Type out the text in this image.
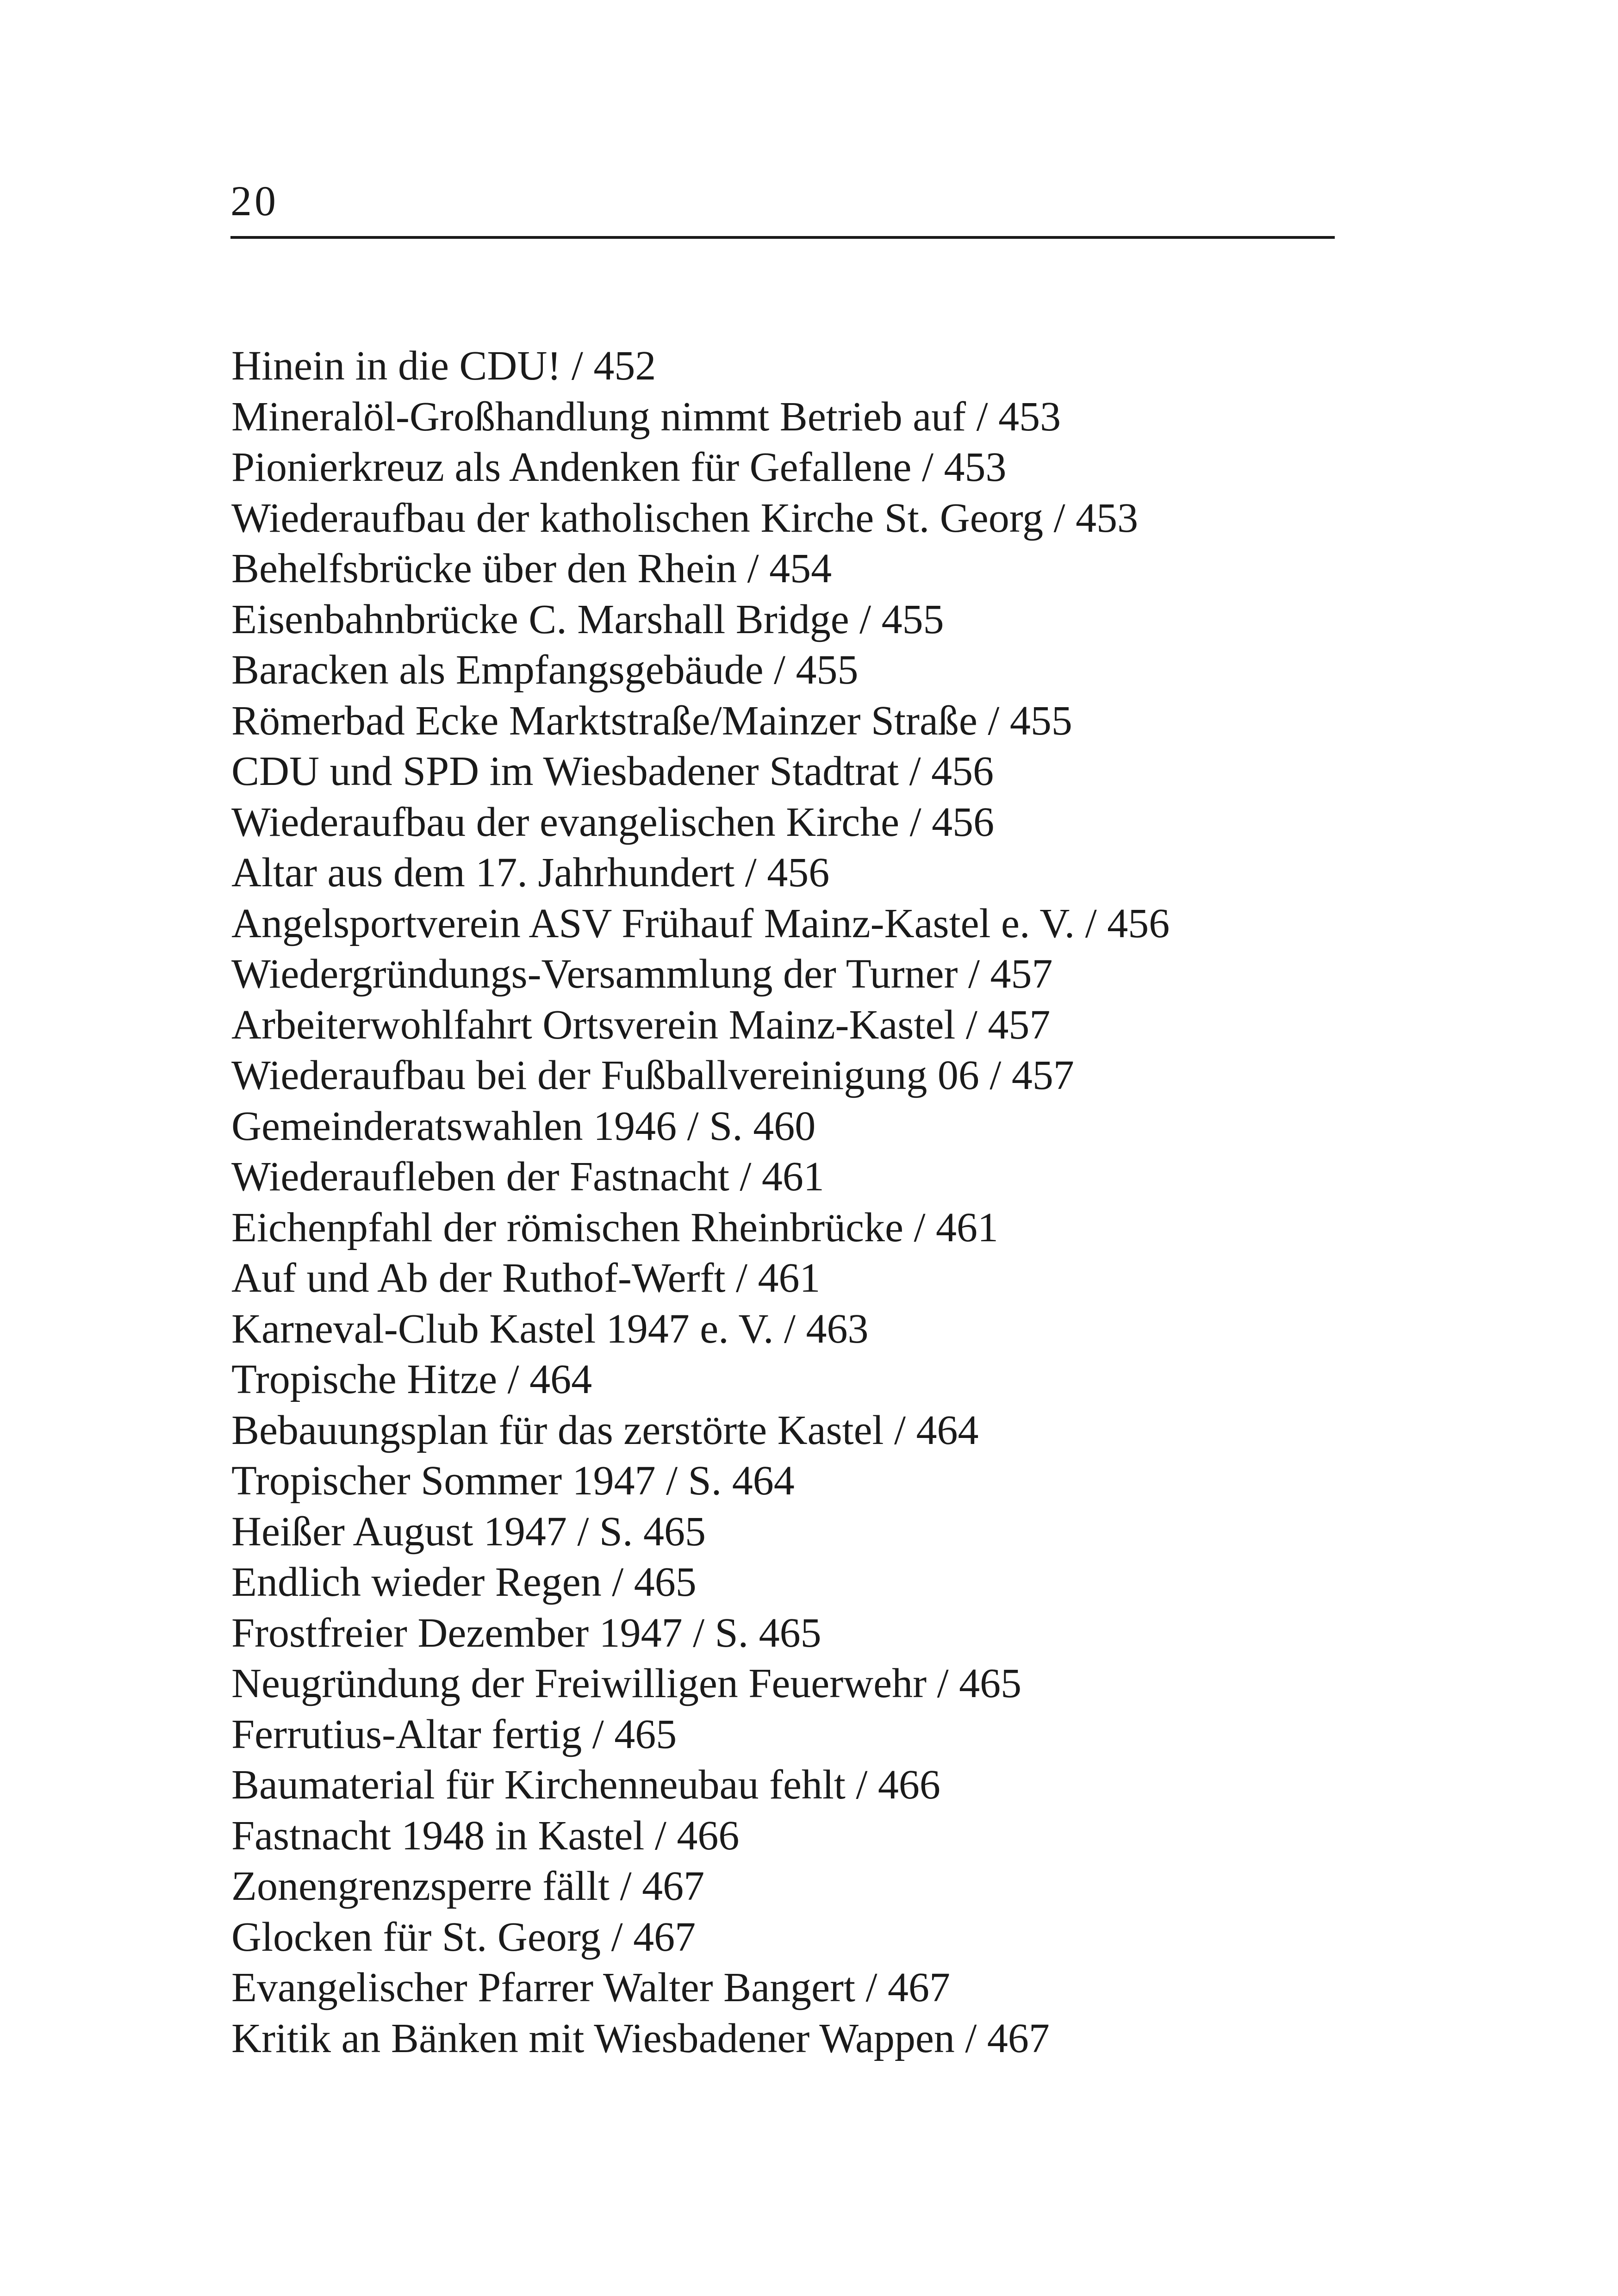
20
Hinein in die CDU! / 452
Mineralöl-Großhandlung nimmt Betrieb auf / 453
Pionierkreuz als Andenken für Gefallene / 453
Wiederaufbau der katholischen Kirche St. Georg / 453
Behelfsbrücke über den Rhein / 454
Eisenbahnbrücke C. Marshall Bridge / 455
Baracken als Empfangsgebäude / 455
Römerbad Ecke Marktstraße/Mainzer Straße / 455
CDU und SPD im Wiesbadener Stadtrat / 456
Wiederaufbau der evangelischen Kirche / 456
Altar aus dem 17. Jahrhundert / 456
Angelsportverein ASV Frühauf Mainz-Kastel e. V. / 456
Wiedergründungs-Versammlung der Turner / 457
Arbeiterwohlfahrt Ortsverein Mainz-Kastel / 457
Wiederaufbau bei der Fußballvereinigung 06 / 457
Gemeinderatswahlen 1946 / S. 460
Wiederaufleben der Fastnacht / 461
Eichenpfahl der römischen Rheinbrücke / 461
Auf und Ab der Ruthof-Werft / 461
Karneval-Club Kastel 1947 e. V. / 463
Tropische Hitze / 464
Bebauungsplan für das zerstörte Kastel / 464
Tropischer Sommer 1947 / S. 464
Heißer August 1947 / S. 465
Endlich wieder Regen / 465
Frostfreier Dezember 1947 / S. 465
Neugründung der Freiwilligen Feuerwehr / 465
Ferrutius-Altar fertig / 465
Baumaterial für Kirchenneubau fehlt / 466
Fastnacht 1948 in Kastel / 466
Zonengrenzsperre fällt / 467
Glocken für St. Georg / 467
Evangelischer Pfarrer Walter Bangert / 467
Kritik an Bänken mit Wiesbadener Wappen / 467
